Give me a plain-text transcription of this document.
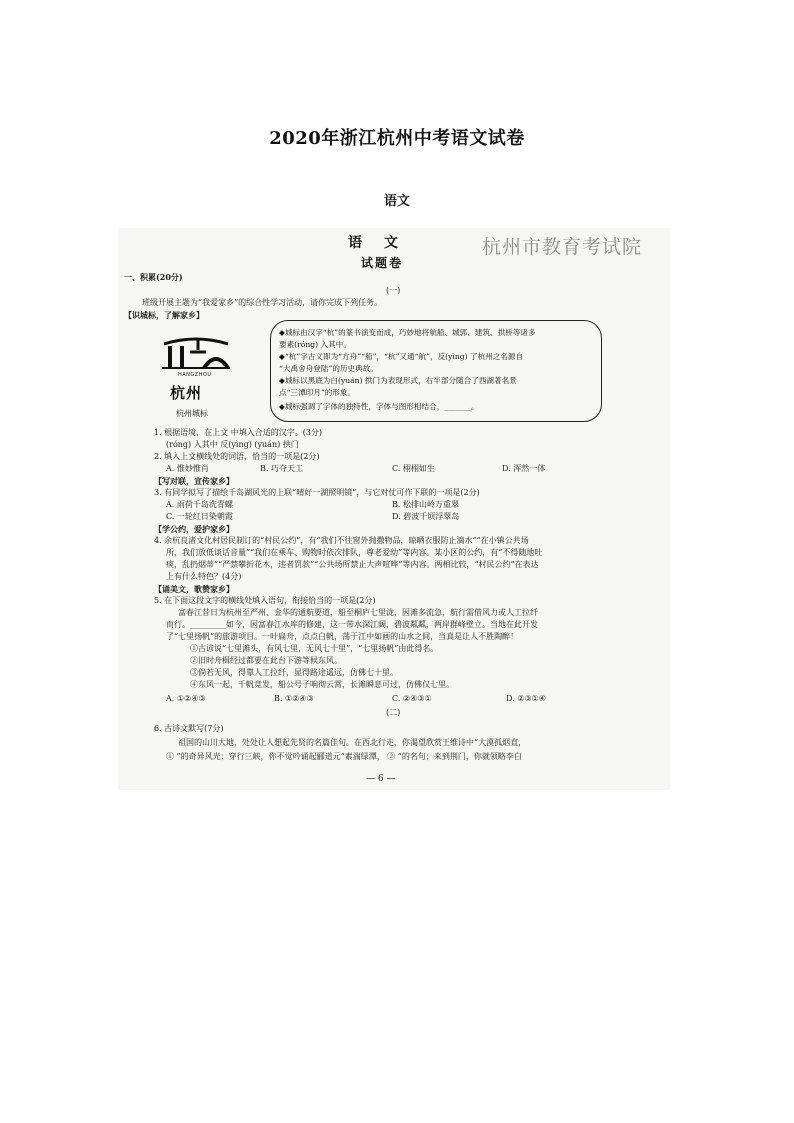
2020年浙江杭州中考语文试卷
语文
杭州市教育考试院
语文
试题卷
一、积累(20分)
(一)
班级开展主题为“我爱家乡”的综合性学习活动，请你完成下列任务。
【识城标，了解家乡】
HANGZHOU
杭州
杭州城标
◆城标由汉字“杭”的篆书演变而成，巧妙地将航船、城郭、建筑、拱桥等诸多
要素(róng) 入其中。
◆“杭”字古义即为“方舟”“船”，“杭”又通“航”，反(yìng) 了杭州之名源自
“大禹舍舟登陆”的历史典故。
◆城标以黑底为白(yuán) 拱门为表现形式，右半部分随合了西湖著名景
点“三潭印月”的形象。
◆城标强调了字体的独特性，字体与图形相结合，_______。
1. 根据语境，在上文 中填入合适的汉字。(3分)
(róng) 入其中 反(yìng) (yuán) 拱门
2. 填入上文横线处的词语，恰当的一项是(2分)
A. 惟妙惟肖	B. 巧夺天工	C. 栩栩如生	D. 浑然一体
【写对联，宣传家乡】
3. 有同学拟写了描绘千岛湖风光的上联“晴好一湖照明镜”，与它对仗可作下联的一项是(2分)
A. 雨荷千岛洗青螺	B. 松排山岭万重翠
C. 一轮红日染朝霞	D. 碧波千顷浮翠岛
【学公约，爱护家乡】
4. 余杭良渚文化村居民制订的“村民公约”，有“我们不往窗外抛撒物品，晾晒衣服防止滴水”“在小镇公共场
所，我们放低谈话音量”“我们在乘车、购物时依次排队，尊老爱幼”等内容。某小区的公约，有“不得随地吐
痰，乱扔烟蒂”“严禁攀折花木，违者罚款”“公共场所禁止大声喧哗”等内容。两相比较，“村民公约”在表达
上有什么特色？(4分)
【诵美文，歌赞家乡】
5. 在下面这段文字的横线处填入语句，衔接恰当的一项是(2分)
富春江昔日为杭州至严州、金华的通航要道，船至桐庐七里泷，因滩多流急，航行需借风力或人工拉纤
而行。_________如今，因富春江水库的修建，这一带水深江阔，碧波粼粼，两岸群峰壁立。当地在此开发
了“七里扬帆”的旅游项目。一叶扁舟，点点白帆，荡于江中如画的山水之间，当真是让人不胜陶醉！
①古谚说“七里滩头，有风七里，无风七十里”，“七里扬帆”由此得名。
②旧时舟楫经过都要在此台下游等候东风。
③倘若无风，得靠人工拉纤，显得路途遥远，仿佛七十里。
④东风一起，千帆竞发，船公号子响彻云霄，长滩瞬息可过，仿佛仅七里。
A. ①②④③	B. ①②④③	C. ②④③①	D. ②③①④
(二)
6. 古诗文默写(7分)
祖国的山川大地，处处让人想起先贤的名篇佳句。在西北行走，你渴望欣赏王维诗中“大漠孤烟直，
① ”的奇异风光；穿行三峡，你不觉吟诵起郦道元“素湍绿潭， ② ”的名句；来到荆门，你就领略李白
— 6 —
